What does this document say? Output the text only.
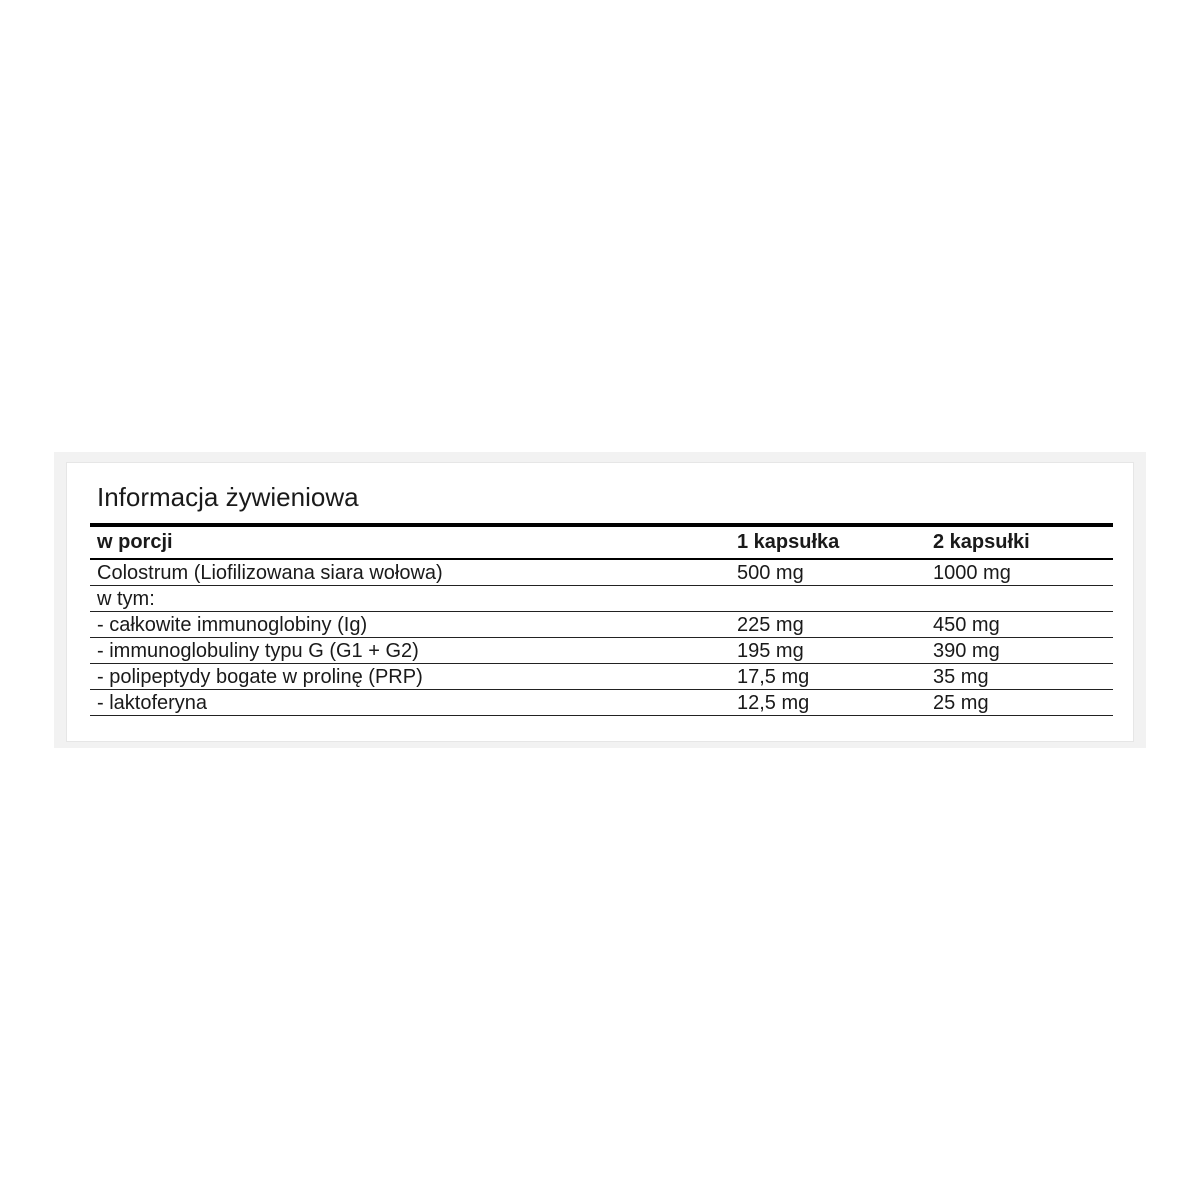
Informacja żywieniowa
w porcji	1 kapsułka	2 kapsułki
Colostrum (Liofilizowana siara wołowa)	500 mg	1000 mg
w tym:		
- całkowite immunoglobiny (Ig)	225 mg	450 mg
- immunoglobuliny typu G (G1 + G2)	195 mg	390 mg
- polipeptydy bogate w prolinę (PRP)	17,5 mg	35 mg
- laktoferyna	12,5 mg	25 mg
